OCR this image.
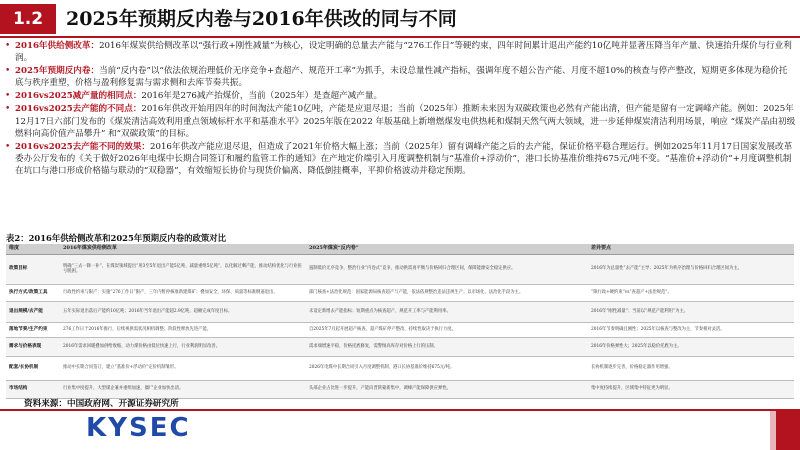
1.2	2025年预期反内卷与2016年供改的同与不同
• 2016年供给侧改革：2016年煤炭供给侧改革以“强行政+刚性减量”为核心，设定明确的总量去产能与“276工作日”等硬约束，四年时间累计退出产能约10亿吨并显著压降当年产量、快速抬升煤价与行业利润。
• 2025年预期反内卷：当前“反内卷”以“依法依规治理低价无序竞争+查超产、规范开工率”为抓手，未设总量性减产指标，强调年度不超公告产能、月度不超10%的核查与停产整改，短期更多体现为稳价托底与秩序重塑，价格与盈利修复需与需求侧和去库节奏共振。
• 2016vs2025减产量的相同点：2016年是276减产抬煤价，当前（2025年）是查超产减产量。
• 2016vs2025去产能的不同点：2016年供改开始用四年的时间淘汰产能10亿吨，产能是应退尽退；当前（2025年）推断未来因为双碳政策也必然有产能出清，但产能是留有一定调峰产能。例如：2025年12月17日六部门发布的《煤炭清洁高效利用重点领域标杆水平和基准水平》2025年版在2022 年版基础上新增燃煤发电供热耗和煤制天然气两大领域，进一步延伸煤炭清洁利用场景，响应 “煤炭产品由初级燃料向高价值产品攀升” 和“双碳政策”的目标。
• 2016vs2025去产能不同的效果：2016年供改产能应退尽退，但造成了2021年价格大幅上涨；当前（2025年）留有调峰产能之后的去产能，保证价格平稳合理运行。例如2025年11月17日国家发展改革委办公厅发布的《关于做好2026年电煤中长期合同签订和履约监管工作的通知》在产地定价端引入月度调整机制与“基准价+浮动价”，港口长协基准价维持675元/吨不变。“基准价+浮动价”+月度调整机制在坑口与港口形成价格锚与联动的“双稳器”，有效缩短长协价与现货价偏离、降低倒挂概率，平抑价格波动并稳定预期。
表2：2016年供给侧改革和2025年预期反内卷的政策对比
维度	2016年煤炭供给侧改革	2025年煤炭“反内卷”	差异要点
政策目标	明确“三去一降一补”，在煤炭领域提出“用3至5年退出产能5亿吨、减量重组5亿吨”，以化解过剩产能、推动结构优化与行业扭亏脱困。	遏制低价无序竞争，整治行业“内卷式”竞争，推动供需再平衡与价格回归合理区间，保障能源安全稳定供应。	2016年为总量性“去产能”主导；2025年为秩序治理与价格回归合理区间为主。
执行方式/政策工具	行政性约束与限产：实施“276工作日”限产，三年内暂停核准新建煤矿；叠加安全、环保、质量等标准倒逼退出。	部门核查+法治化规范：国家能源局核查超产与产能，依法依规整治违法违规生产；以市场化、法治化手段为主。	“限行政+硬约束”vs“查超产+法治规范”。
退出规模/去产能	五年实际退出落后产能约10亿吨；2016年当年退出产能超2.9亿吨，超额完成年度目标。	未设定新增去产能指标；短期重点为核查超产、规范开工率与产能利用率。	2016年“刚性减量”；当前以“规范产能利用”为主。
落地节奏/生产约束	276工作日于2016年推行，后续视供需状况相机调整；阶段性释放先进产能。	自2025年7月起开展超产核查，超产煤矿停产整改，持续性取决于执行力度。	2016年节奏明确且刚性；2025年以核查与整改为主，节奏相对灵活。
需求与价格表现	2016年需求回暖叠加供给收缩，动力煤价格由低位快速上行，行业利润明显改善。	需求端增速平稳，价格托底修复，需警惕高库存对价格上行的压制。	2016年价格弹性大；2025年以稳价托底为主。
配套/长协机制	推动中长期合同签订，建立“基准价+浮动价”定价机制雏形。	2026年电煤中长期合同引入月度调整机制，港口长协基准价维持675元/吨。	长协机制逐步完善，价格稳定器作用增强。
市场结构	行业集中度提升，大型煤企兼并重组加速，僵尸企业加快出清。	头部企业占比进一步提升，产能向晋陕蒙新集中，调峰产能保障供应弹性。	集中度持续提升，区域集中特征更为明显。
资料来源：中国政府网、开源证券研究所
KYSEC
